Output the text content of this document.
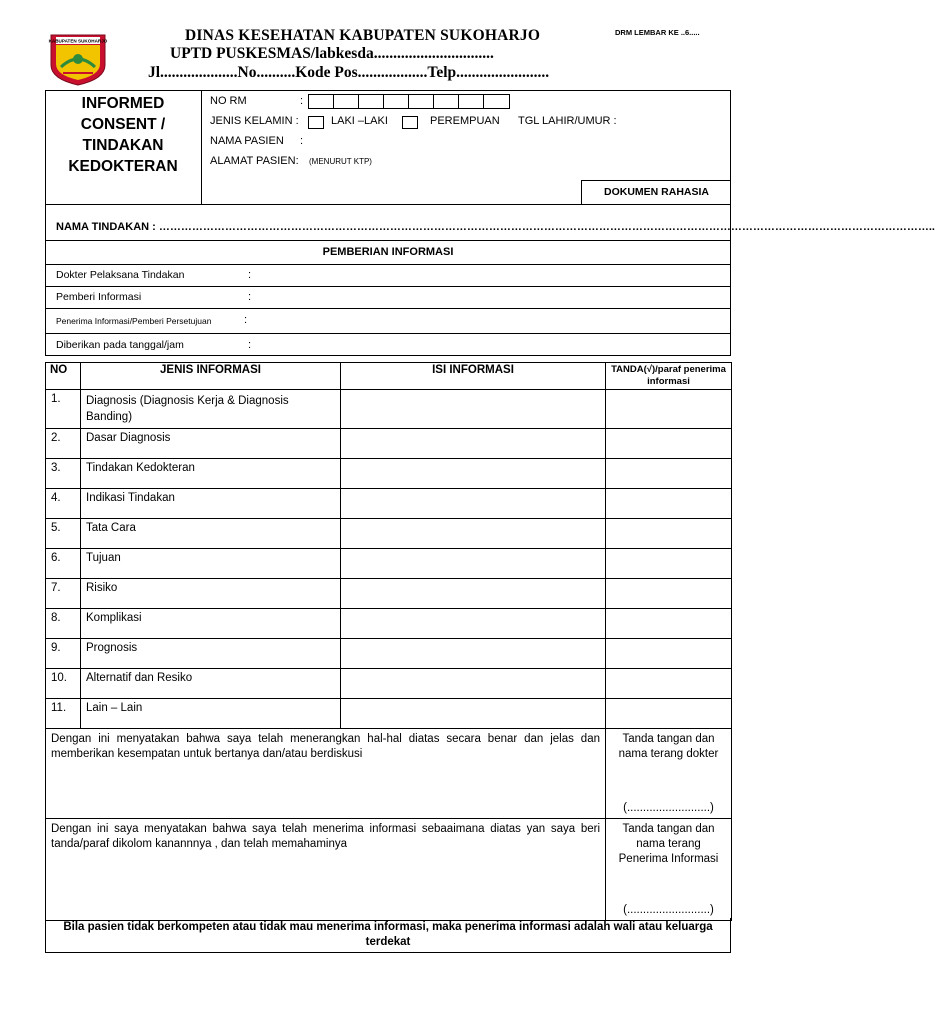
KABUPATEN SUKOHARJO	DINAS KESEHATAN KABUPATEN SUKOHARJO
UPTD PUSKESMAS/labkesda...............................
Jl....................No..........Kode Pos..................Telp........................
DRM LEMBAR KE ..6.....
INFORMED
CONSENT /
TINDAKAN
KEDOKTERAN
NO RM	:
JENIS KELAMIN :	LAKI –LAKI	PEREMPUAN TGL LAHIR/UMUR :
NAMA PASIEN :
ALAMAT PASIEN: (MENURUT KTP)
DOKUMEN RAHASIA
NAMA TINDAKAN : …………………………………………………………………………………………………………………………………………………………………………………………..
PEMBERIAN INFORMASI
Dokter Pelaksana Tindakan	:
Pemberi Informasi	:
Penerima Informasi/Pemberi Persetujuan	:
Diberikan pada tanggal/jam	:
NO	JENIS INFORMASI	ISI INFORMASI	TANDA(√)/paraf penerima informasi
1.	Diagnosis (Diagnosis Kerja & Diagnosis Banding)		
2.	Dasar Diagnosis		
3.	Tindakan Kedokteran		
4.	Indikasi Tindakan		
5.	Tata Cara		
6.	Tujuan		
7.	Risiko		
8.	Komplikasi		
9.	Prognosis		
10.	Alternatif dan Resiko		
11.	Lain – Lain		
Dengan ini menyatakan bahwa saya telah menerangkan hal-hal diatas secara benar dan jelas dan memberikan kesempatan untuk bertanya dan/atau berdiskusi			Tanda tangan dan nama terang dokter
(..........................)

Dengan ini saya menyatakan bahwa saya telah menerima informasi sebaaimana diatas yan saya beri tanda/paraf dikolom kanannnya , dan telah memahaminya			Tanda tangan dan nama terang Penerima Informasi
(..........................)
Bila pasien tidak berkompeten atau tidak mau menerima informasi, maka penerima informasi adalah wali atau keluarga terdekat
